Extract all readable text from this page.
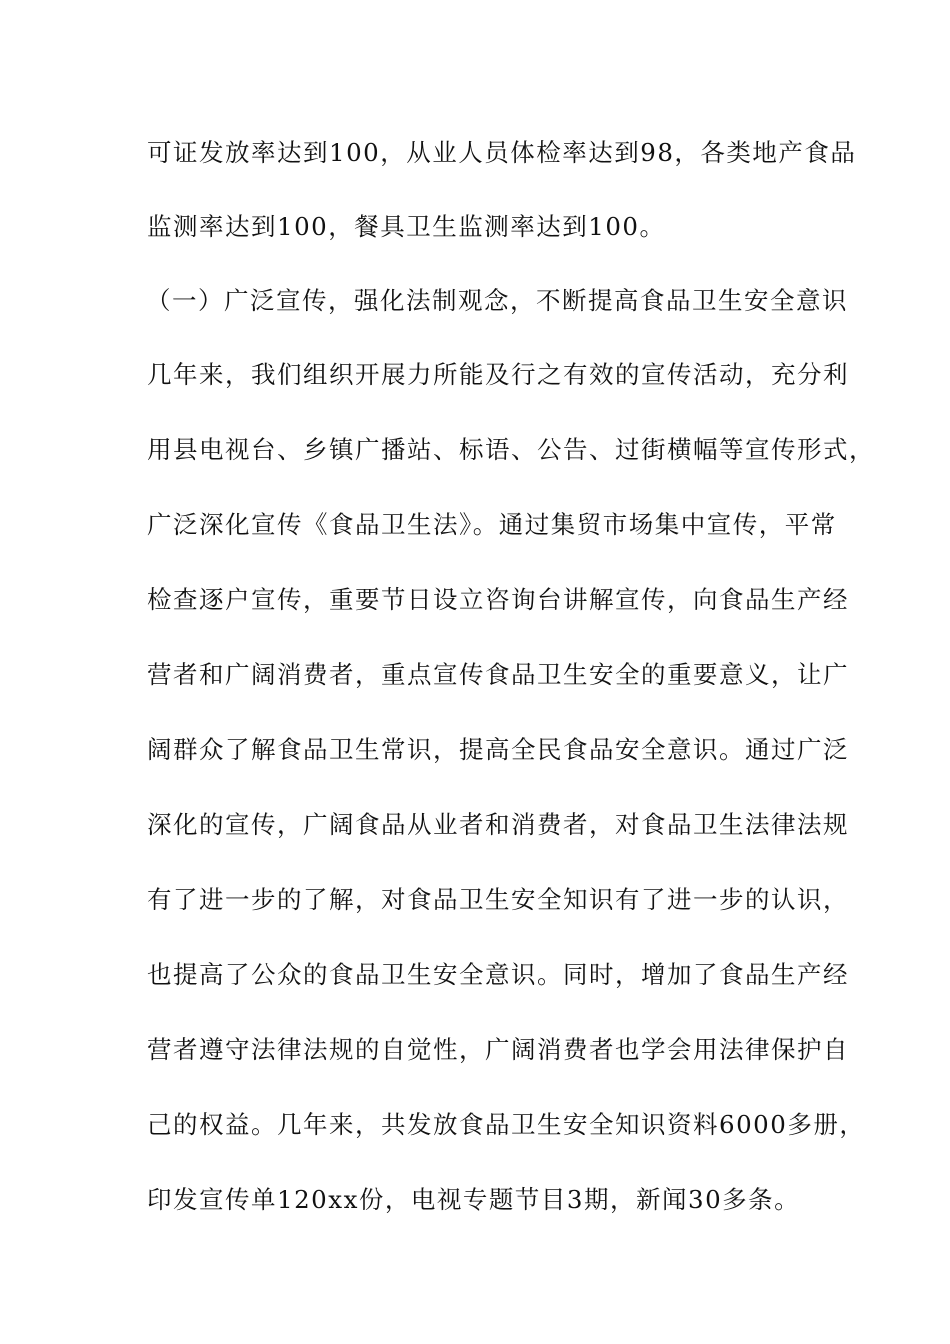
可证发放率达到100，从业人员体检率达到98，各类地产食品
监测率达到100，餐具卫生监测率达到100。
（一）广泛宣传，强化法制观念，不断提高食品卫生安全意识
几年来，我们组织开展力所能及行之有效的宣传活动，充分利
用县电视台、乡镇广播站、标语、公告、过街横幅等宣传形式，
广泛深化宣传《食品卫生法》。通过集贸市场集中宣传，平常
检查逐户宣传，重要节日设立咨询台讲解宣传，向食品生产经
营者和广阔消费者，重点宣传食品卫生安全的重要意义，让广
阔群众了解食品卫生常识，提高全民食品安全意识。通过广泛
深化的宣传，广阔食品从业者和消费者，对食品卫生法律法规
有了进一步的了解，对食品卫生安全知识有了进一步的认识，
也提高了公众的食品卫生安全意识。同时，增加了食品生产经
营者遵守法律法规的自觉性，广阔消费者也学会用法律保护自
己的权益。几年来，共发放食品卫生安全知识资料6000多册，
印发宣传单120xx份，电视专题节目3期，新闻30多条。
